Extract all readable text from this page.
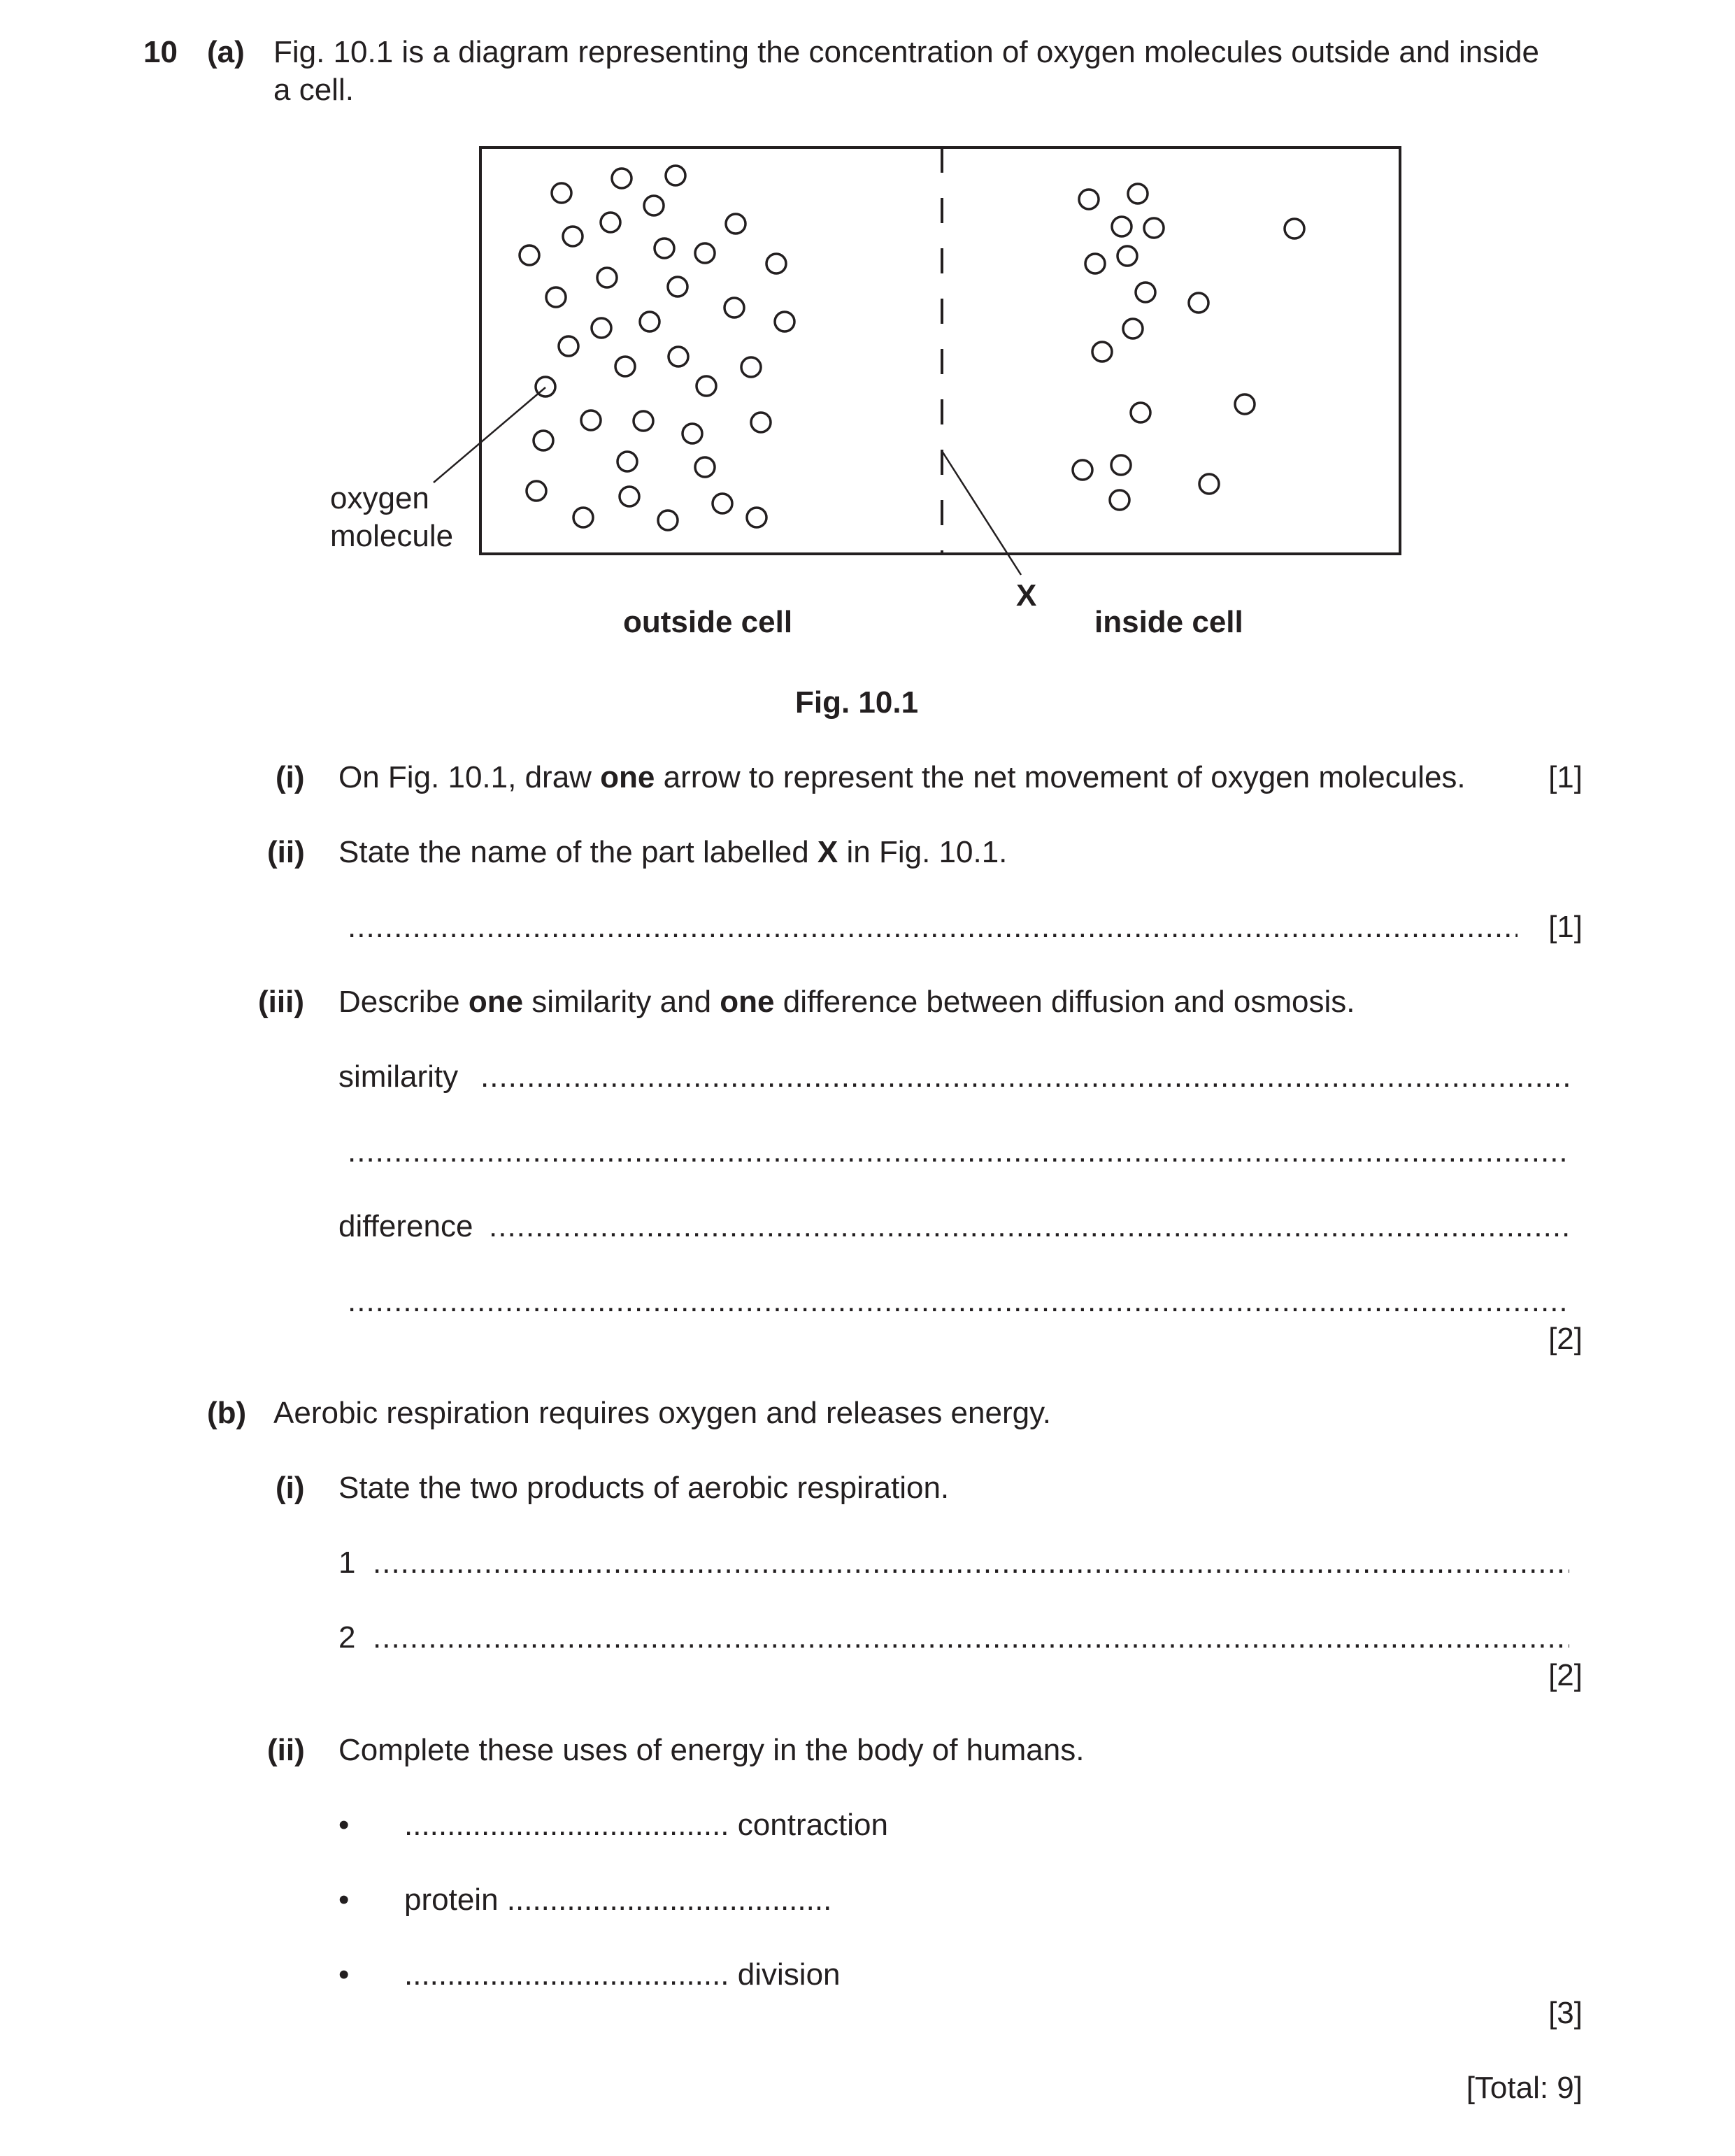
10 (a) Fig. 10.1 is a diagram representing the concentration of oxygen molecules outside and inside
a cell.
oxygen
molecule
X
outside cell	inside cell
Fig. 10.1
(i) On Fig. 10.1, draw one arrow to represent the net movement of oxygen molecules.	[1]
(ii) State the name of the part labelled X in Fig. 10.1.
.....
[1]
(iii) Describe one similarity and one difference between diffusion and osmosis.
similarity
.....
.....
difference
.....
.....
[2]
(b) Aerobic respiration requires oxygen and releases energy.
(i) State the two products of aerobic respiration.
1
.....
2
.....
[2]
(ii) Complete these uses of energy in the body of humans.
• ...................................... contraction
• protein ......................................
• ...................................... division
[3]
[Total: 9]
